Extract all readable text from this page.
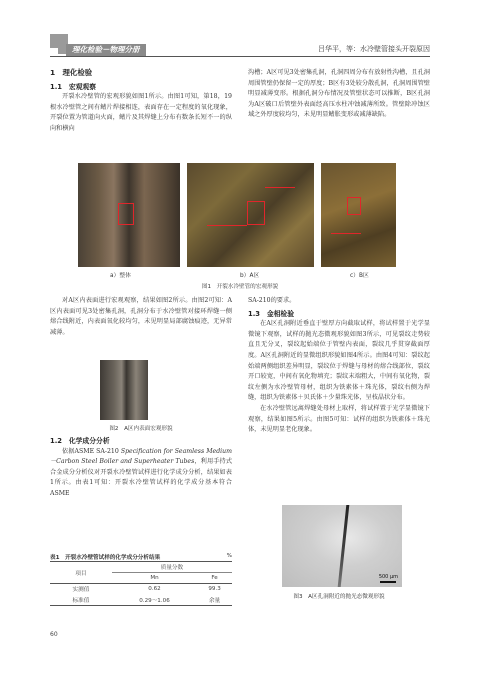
理化检验－物理分册	吕华平，等：水冷壁管接头开裂原因
1　理化检验
1.1　宏观观察
开裂水冷壁管的宏观形貌如图1所示。由图1可知，第18，19根水冷壁管之间有鳍片焊接相连，表面存在一定程度的氧化现象，开裂位置为管道向火面，鳍片及其焊缝上分布有数条长短不一的纵向和横向
沟槽；A区可见3处密集孔洞，孔洞四周分布有放射性沟槽，且孔洞周围管壁仍保留一定的厚度；B区有3处较分散孔洞，孔洞周围管壁明显减薄变形。根据孔洞分布情况及管壁状态可以推断，B区孔洞为A区破口后管壁外表面经高压水柱冲蚀减薄所致。管壁除冲蚀区域之外厚度较均匀，未见明显鳍胀变形或减薄缺陷。
a）整体	b）A区	c）B区
图1　开裂水冷壁管的宏观形貌
对A区内表面进行宏观观察，结果如图2所示。由图2可知：A区内表面可见3处密集孔洞，孔洞分布于水冷壁管对接环焊缝一侧熔合线附近，内表面氧化较均匀，未见明显局部腐蚀痕迹，无异常减薄。
图2　A区内表面宏观形貌
1.2　化学成分分析
依据ASME SA-210 Specification for Seamless Medium－Carbon Steel Boiler and Superheater Tubes，利用手持式合金成分分析仪对开裂水冷壁管试样进行化学成分分析，结果如表1所示。由表1可知：开裂水冷壁管试样的化学成分基本符合ASME
表1　开裂水冷壁管试样的化学成分分析结果	%
项目	质量分数	
	Mn	Fe
实测值	0.62	99.3
标准值	0.29～1.06	余量
SA-210的要求。
1.3　金相检验
在A区孔洞附近垂直于壁厚方向截取试样，将试样置于光学显微镜下观察，试样的抛光态微观形貌如图3所示，可见裂纹走势较直且无分叉，裂纹起始端位于管壁内表面，裂纹几乎贯穿截面厚度。A区孔洞附近的显微组织形貌如图4所示。由图4可知：裂纹起始端两侧组织差异明显，裂纹位于焊缝与母材的熔合线部位，裂纹开口较宽，中间有氧化物填充；裂纹末端粗大，中间有氧化物，裂纹左侧为水冷壁管母材，组织为铁素体＋珠光体，裂纹右侧为焊缝，组织为铁素体＋贝氏体＋少量珠光体，呈枝晶状分布。
在水冷壁管远离焊缝处母材上取样，将试样置于光学显微镜下观察，结果如图5所示。由图5可知：试样的组织为铁素体＋珠光体，未见明显老化现象。
500 μm
图3　A区孔洞附近的抛光态微观形貌
60
